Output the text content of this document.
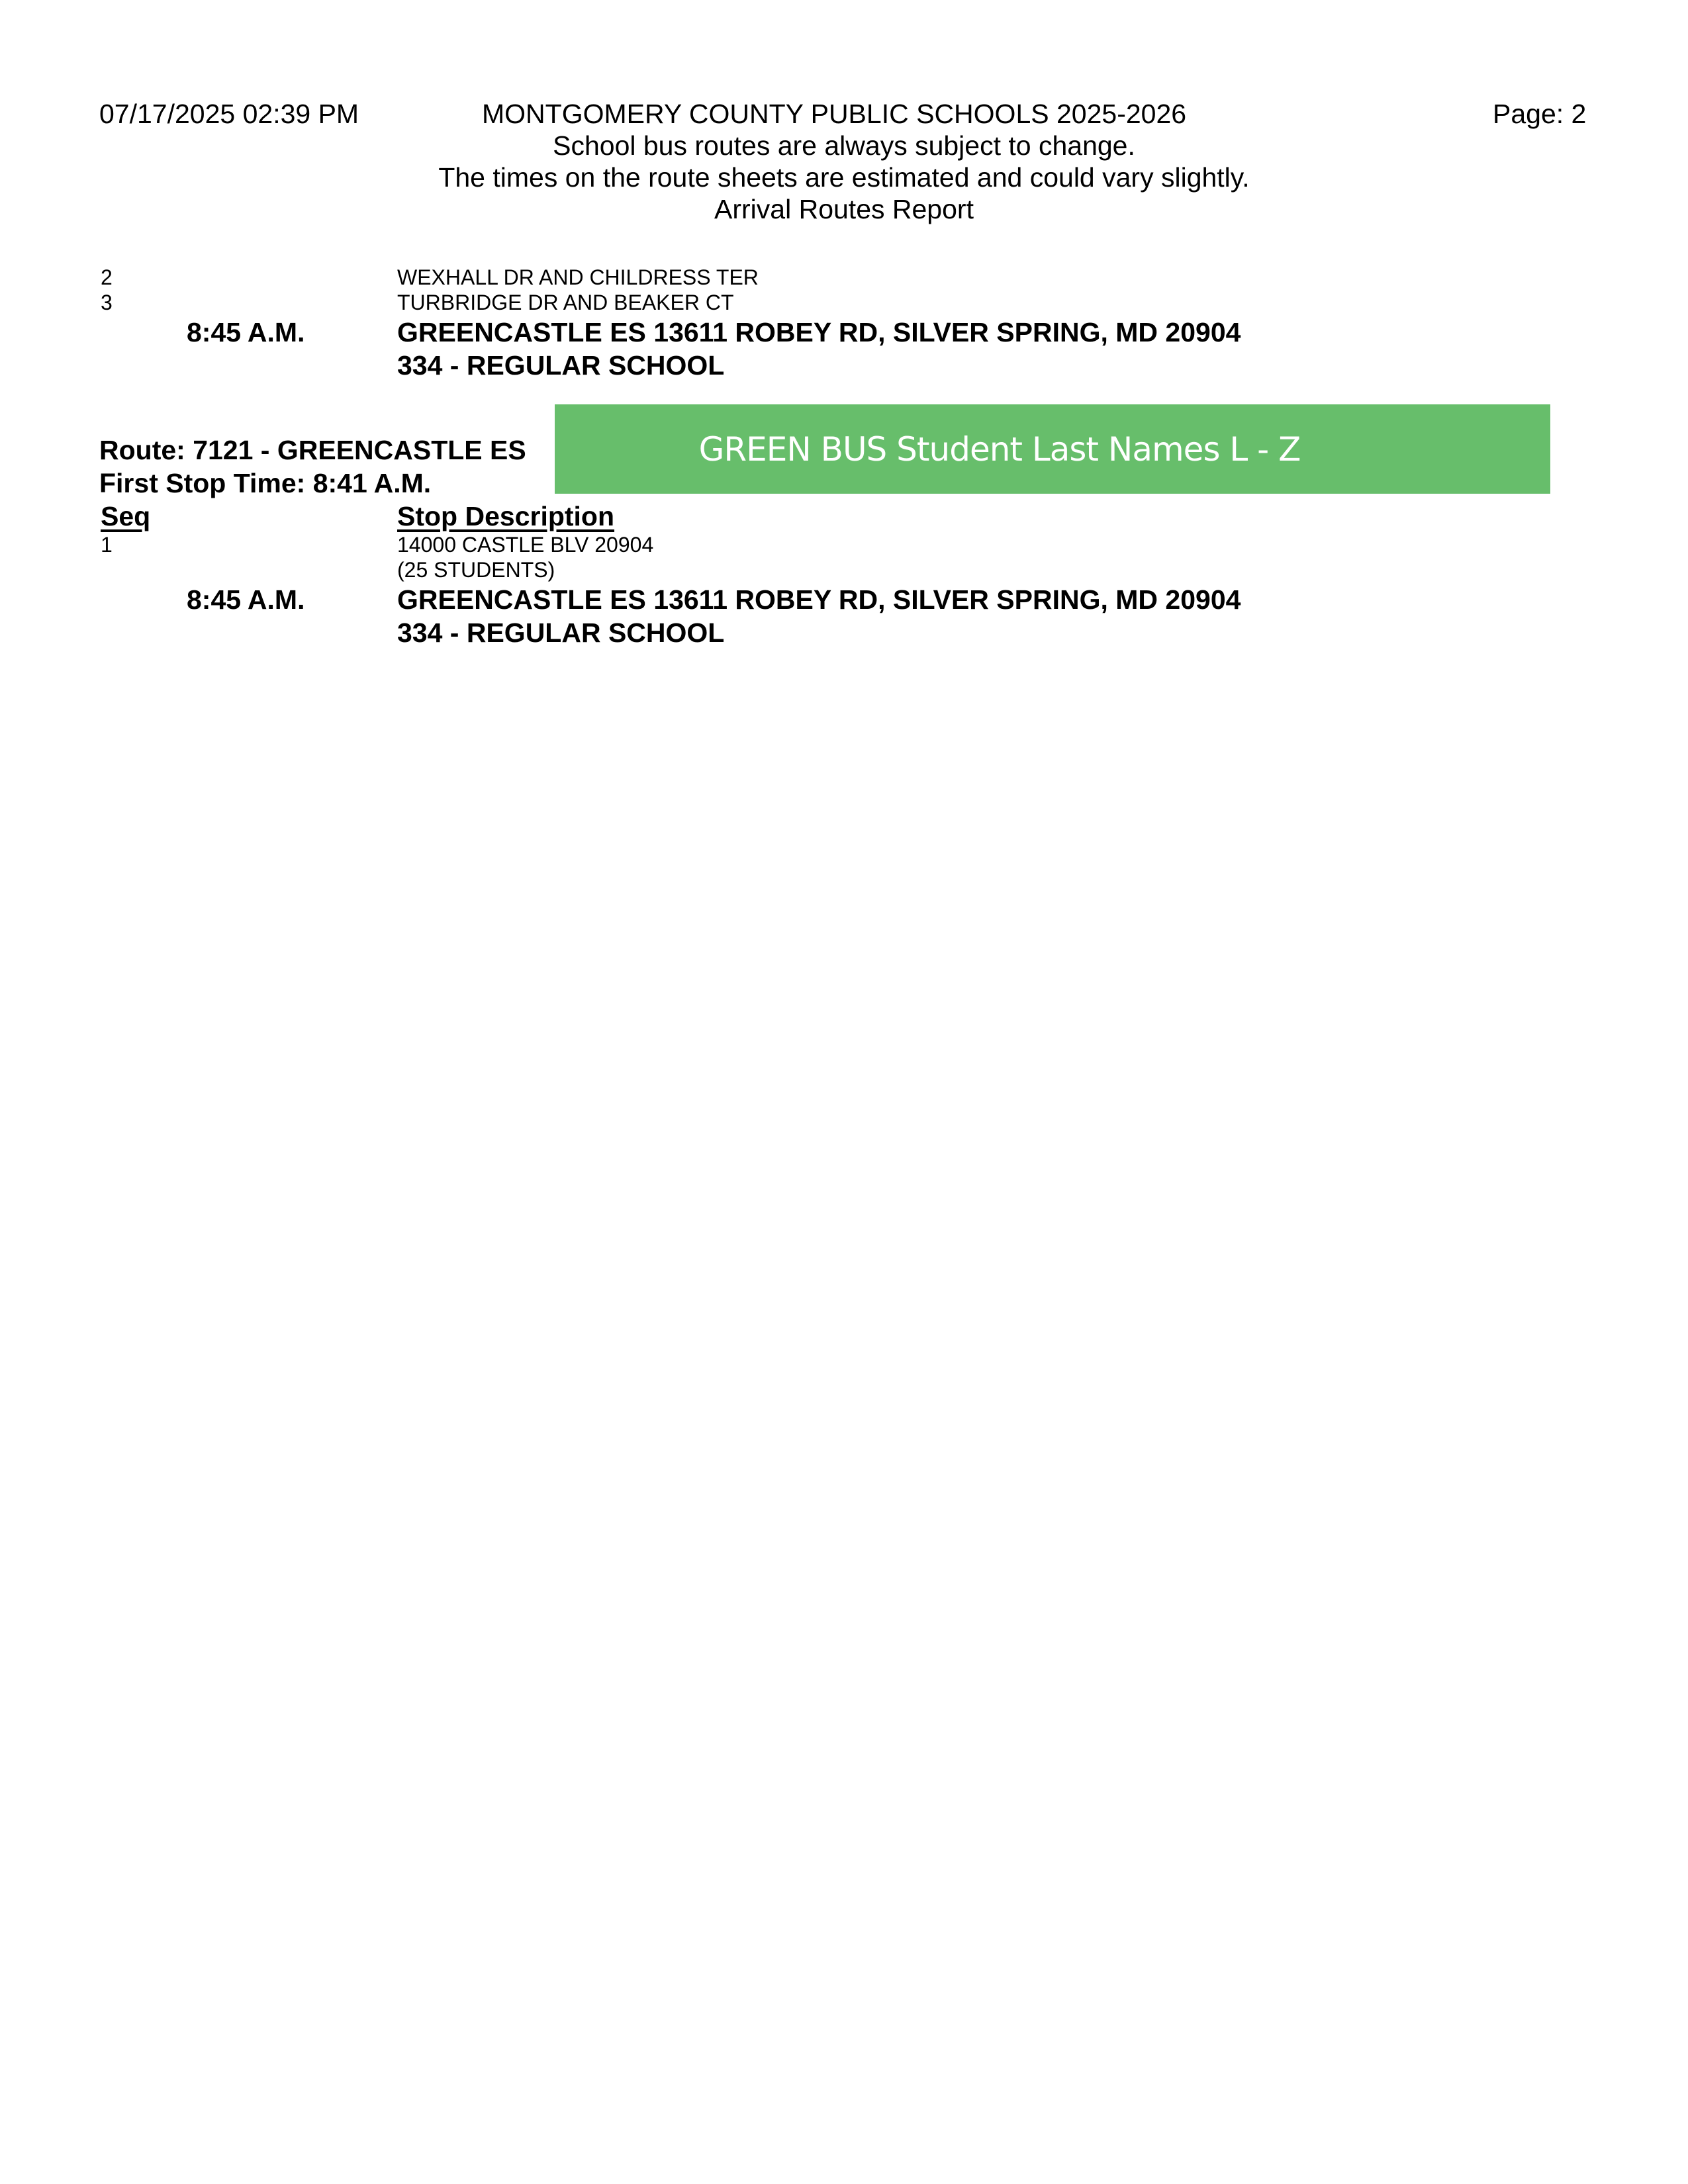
07/17/2025 02:39 PM	MONTGOMERY COUNTY PUBLIC SCHOOLS 2025-2026	Page: 2
School bus routes are always subject to change.
The times on the route sheets are estimated and could vary slightly.
Arrival Routes Report
2	WEXHALL DR AND CHILDRESS TER
3	TURBRIDGE DR AND BEAKER CT
8:45 A.M.	GREENCASTLE ES 13611 ROBEY RD, SILVER SPRING, MD 20904
334 - REGULAR SCHOOL
Route: 7121 - GREENCASTLE ES
First Stop Time: 8:41 A.M.
GREEN BUS Student Last Names L - Z
Seq	Stop Description
1	14000 CASTLE BLV 20904
(25 STUDENTS)
8:45 A.M.	GREENCASTLE ES 13611 ROBEY RD, SILVER SPRING, MD 20904
334 - REGULAR SCHOOL
